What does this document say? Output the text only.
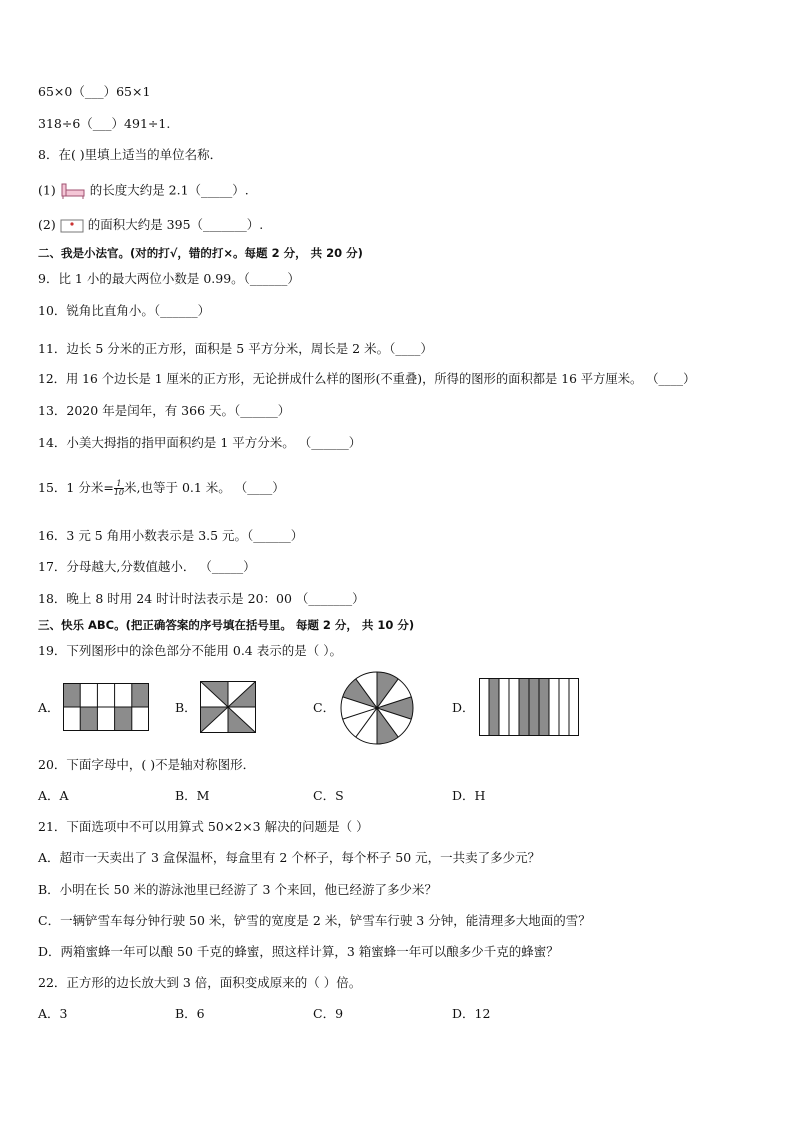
65×0（___）65×1
318÷6（___）491÷1.
8．在( )里填上适当的单位名称．
(1)	的长度大约是 2.1（_____）.
(2)	的面积大约是 395（_______）.
二、我是小法官。(对的打√，错的打×。每题 2 分， 共 20 分)
9．比 1 小的最大两位小数是 0.99。（______）
10．锐角比直角小。（______）
11．边长 5 分米的正方形，面积是 5 平方分米，周长是 2 米。（____）
12．用 16 个边长是 1 厘米的正方形，无论拼成什么样的图形(不重叠)，所得的图形的面积都是 16 平方厘米。 （____）
13．2020 年是闰年，有 366 天。（______）
14．小美大拇指的指甲面积约是 1 平方分米。 （______）
15．1 分米= $\frac{1}{10}$ 米,也等于 0.1 米。 （____）
16．3 元 5 角用小数表示是 3.5 元。（______）
17．分母越大,分数值越小． （_____）
18．晚上 8 时用 24 时计时法表示是 20：00 （_______）
三、快乐 ABC。(把正确答案的序号填在括号里。 每题 2 分， 共 10 分)
19．下列图形中的涂色部分不能用 0.4 表示的是（ ）。
A．	B．	C．	D．
20．下面字母中，( )不是轴对称图形．
A．A	B．M	C．S	D．H
21．下面选项中不可以用算式 50×2×3 解决的问题是（ ）
A．超市一天卖出了 3 盒保温杯，每盒里有 2 个杯子，每个杯子 50 元，一共卖了多少元？
B．小明在长 50 米的游泳池里已经游了 3 个来回，他已经游了多少米？
C．一辆铲雪车每分钟行驶 50 米，铲雪的宽度是 2 米，铲雪车行驶 3 分钟，能清理多大地面的雪？
D．两箱蜜蜂一年可以酿 50 千克的蜂蜜，照这样计算，3 箱蜜蜂一年可以酿多少千克的蜂蜜？
22．正方形的边长放大到 3 倍，面积变成原来的（ ）倍。
A．3	B．6	C．9	D．12
